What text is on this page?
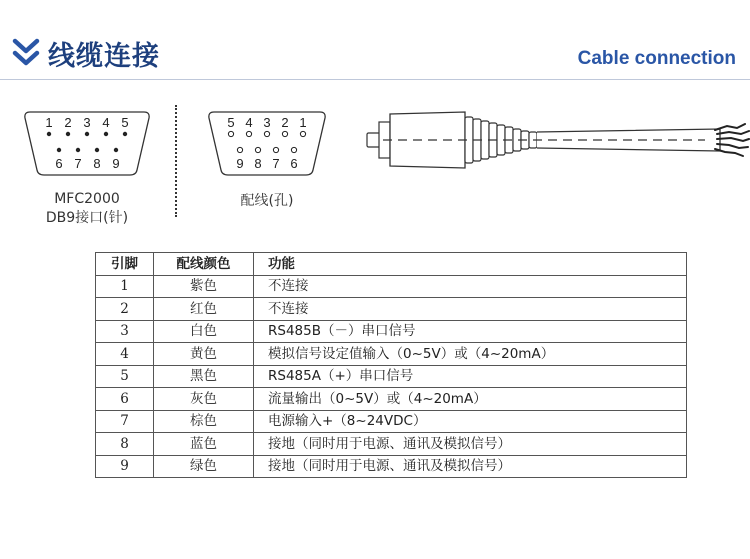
线缆连接	Cable connection
1 2 3 4 5
6 7 8 9
MFC2000
DB9接口(针)
5 4 3 2 1
9 8 7 6
配线(孔)
引脚	配线颜色	功能
1	紫色	不连接
2	红色	不连接
3	白色	RS485B（－）串口信号
4	黄色	模拟信号设定值输入（0~5V）或（4~20mA）
5	黑色	RS485A（+）串口信号
6	灰色	流量输出（0~5V）或（4~20mA）
7	棕色	电源输入+（8~24VDC）
8	蓝色	接地（同时用于电源、通讯及模拟信号）
9	绿色	接地（同时用于电源、通讯及模拟信号）
